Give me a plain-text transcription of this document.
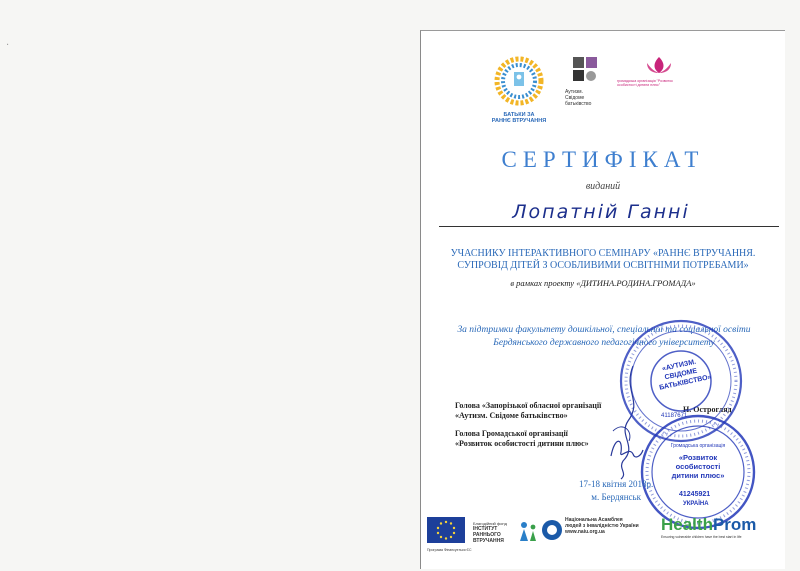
·
БАТЬКИ ЗА
РАННЄ ВТРУЧАННЯ
Аутизм.
Свідоме батьківство
громадська організація "Розвиток особистості дитини плюс"
СЕРТИФІКАТ
виданий
Лопатній Ганні
УЧАСНИКУ ІНТЕРАКТИВНОГО СЕМІНАРУ «РАННЄ ВТРУЧАННЯ.
СУПРОВІД ДІТЕЙ З ОСОБЛИВИМИ ОСВІТНІМИ ПОТРЕБАМИ»
в рамках проекту «ДИТИНА.РОДИНА.ГРОМАДА»
За підтримки факультету дошкільної, спеціальної та соціальної освіти
Бердянського державного педагогічного університету
Голова «Запорізької обласної організації
«Аутизм. Свідоме батьківство»
Н. Острогляд
Голова Громадської організації
«Розвиток особистості дитини плюс»
«АУТИЗМ. СВІДОМЕ БАТЬКІВСТВО»
41187671
Громадська організація
«Розвиток особистості дитини плюс»
41245921
УКРАЇНА
17-18 квітня 2018р.
м. Бердянськ
Програма Фінансується ЄС
Благодійний фонд
ІНСТИТУТ
РАННЬОГО
ВТРУЧАННЯ
Національна Асамблея
людей з інвалідністю України
www.naiu.org.ua	HealthProm
Ensuring vulnerable children have the best start in life
